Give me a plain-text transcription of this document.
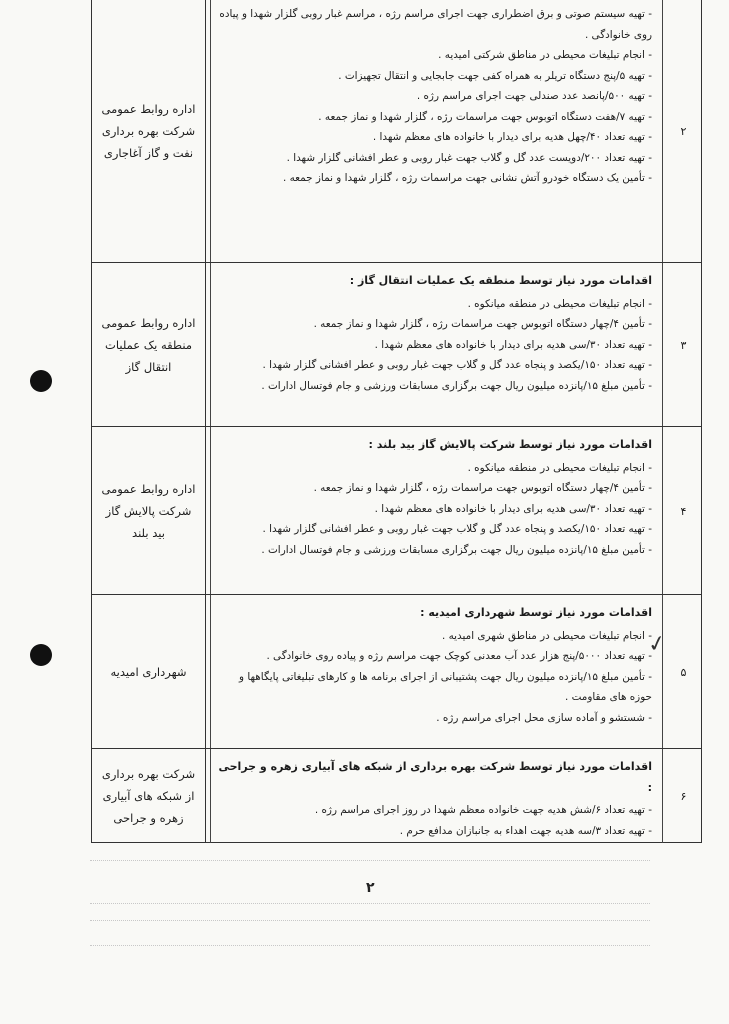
اداره روابط عمومی شرکت بهره برداری نفت و گاز آغاجاری
- تهیه سیستم صوتی و برق اضطراری جهت اجرای مراسم رژه ، مراسم غبار روبی گلزار شهدا و پیاده روی خانوادگی .
- انجام تبلیغات محیطی در مناطق شرکتی امیدیه .
- تهیه ۵/پنج دستگاه تریلر به همراه کفی جهت جابجایی و انتقال تجهیزات .
- تهیه ۵۰۰/پانصد عدد صندلی جهت اجرای مراسم رژه .
- تهیه ۷/هفت دستگاه اتوبوس جهت مراسمات رژه ، گلزار شهدا و نماز جمعه .
- تهیه تعداد ۴۰/چهل هدیه برای دیدار با خانواده های معظم شهدا .
- تهیه تعداد ۲۰۰/دویست عدد گل و گلاب جهت غبار روبی و عطر افشانی گلزار شهدا .
- تأمین یک دستگاه خودرو آتش نشانی جهت مراسمات رژه ، گلزار شهدا و نماز جمعه .
۲
اداره روابط عمومی منطقه یک عملیات انتقال گاز
اقدامات مورد نیاز توسط منطقه یک عملیات انتقال گاز :
- انجام تبلیغات محیطی در منطقه میانکوه .
- تأمین ۴/چهار دستگاه اتوبوس جهت مراسمات رژه ، گلزار شهدا و نماز جمعه .
- تهیه تعداد ۳۰/سی هدیه برای دیدار با خانواده های معظم شهدا .
- تهیه تعداد ۱۵۰/یکصد و پنجاه عدد گل و گلاب جهت غبار روبی و عطر افشانی گلزار شهدا .
- تأمین مبلغ ۱۵/پانزده میلیون ریال جهت برگزاری مسابقات ورزشی و جام فوتسال ادارات .
۳
اداره روابط عمومی شرکت پالایش گاز بید بلند
اقدامات مورد نیاز توسط شرکت پالایش گاز بید بلند :
- انجام تبلیغات محیطی در منطقه میانکوه .
- تأمین ۴/چهار دستگاه اتوبوس جهت مراسمات رژه ، گلزار شهدا و نماز جمعه .
- تهیه تعداد ۳۰/سی هدیه برای دیدار با خانواده های معظم شهدا .
- تهیه تعداد ۱۵۰/یکصد و پنجاه عدد گل و گلاب جهت غبار روبی و عطر افشانی گلزار شهدا .
- تأمین مبلغ ۱۵/پانزده میلیون ریال جهت برگزاری مسابقات ورزشی و جام فوتسال ادارات .
۴
شهرداری امیدیه
اقدامات مورد نیاز توسط شهرداری امیدیه :
- انجام تبلیغات محیطی در مناطق شهری امیدیه .
- تهیه تعداد ۵۰۰۰/پنج هزار عدد آب معدنی کوچک جهت مراسم رژه و پیاده روی خانوادگی .
- تأمین مبلغ ۱۵/پانزده میلیون ریال جهت پشتیبانی از اجرای برنامه ها و کارهای تبلیغاتی پایگاهها و حوزه های مقاومت .
- شستشو و آماده سازی محل اجرای مراسم رژه .
۵
شرکت بهره برداری از شبکه های آبیاری زهره و جراحی
اقدامات مورد نیاز توسط شرکت بهره برداری از شبکه های آبیاری زهره و جراحی :
- تهیه تعداد ۶/شش هدیه جهت خانواده معظم شهدا در روز اجرای مراسم رژه .
- تهیه تعداد ۳/سه هدیه جهت اهداء به جانبازان مدافع حرم .
۶
✓
۲
